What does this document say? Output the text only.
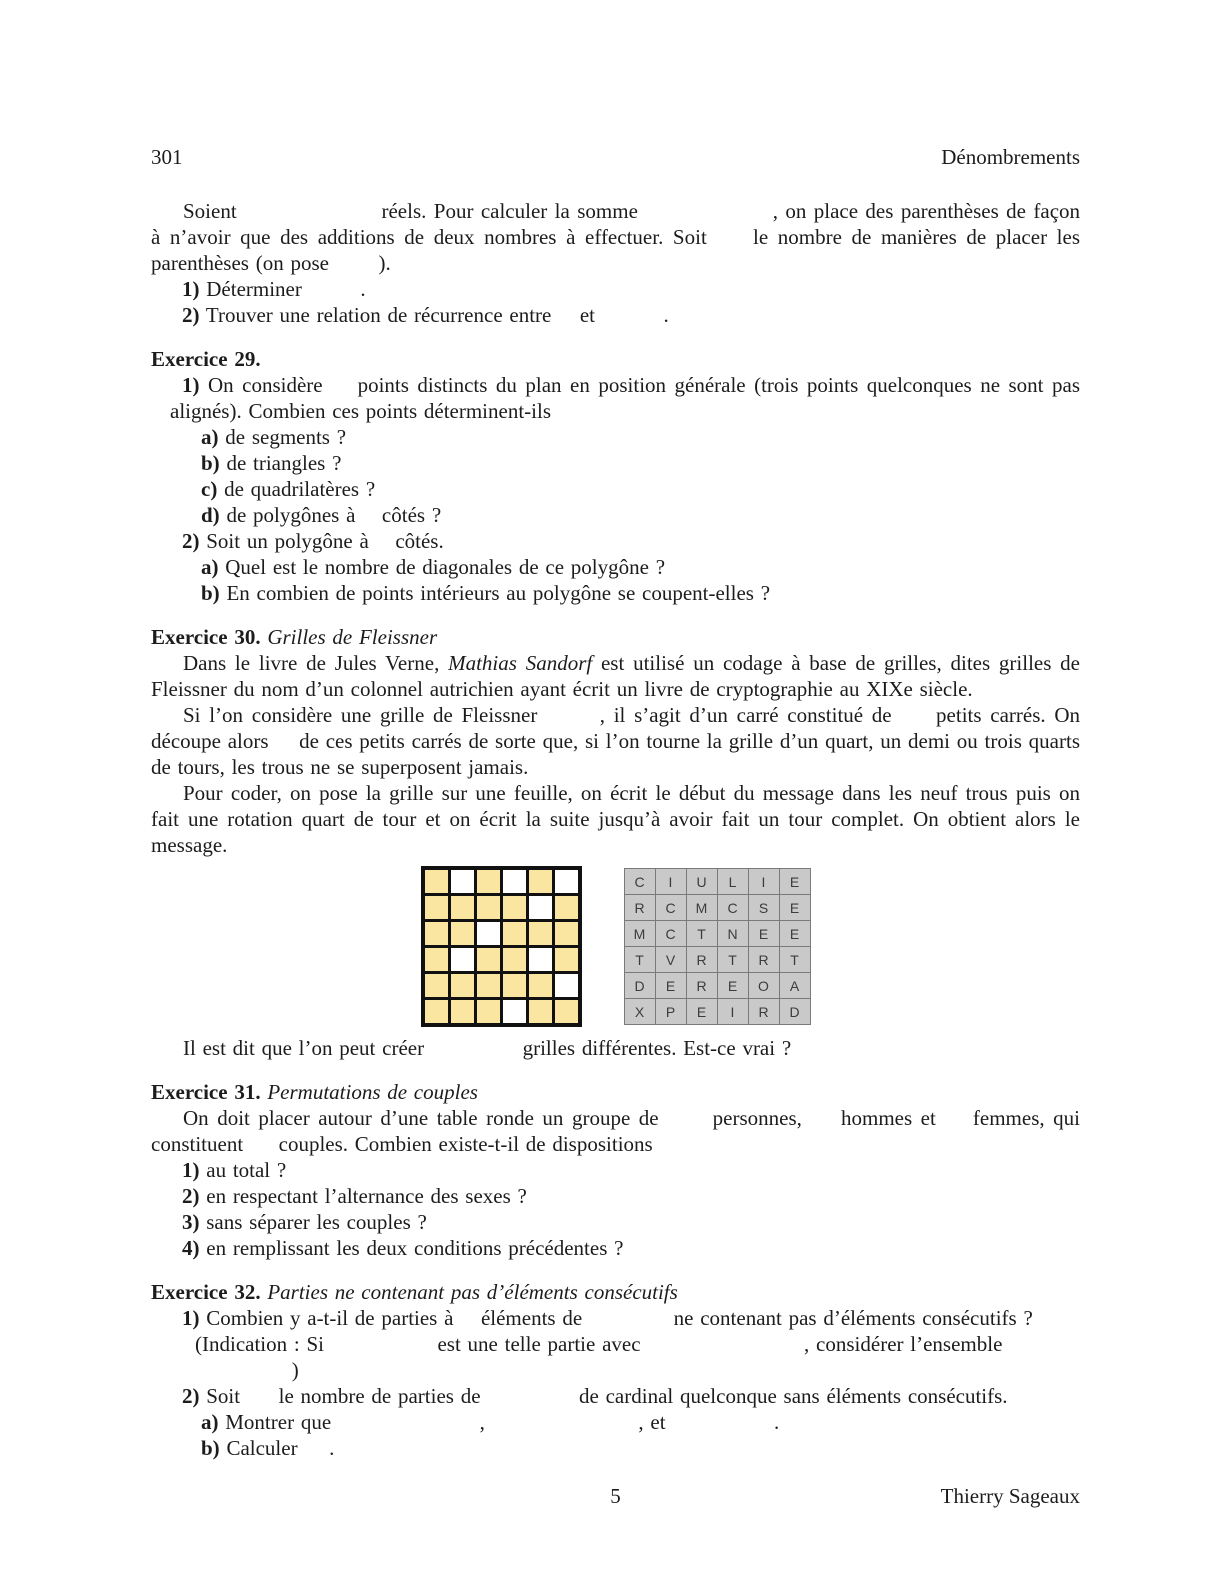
301	Dénombrements
Soient	réels. Pour calculer la somme	, on place des parenthèses de façon à n’avoir que des additions de deux nombres à effectuer. Soit  le nombre de manières de placer les parenthèses (on pose  ).
1) Déterminer  .
2) Trouver une relation de récurrence entre  et	.
Exercice 29.
1) On considère  points distincts du plan en position générale (trois points quelconques ne sont pas alignés). Combien ces points déterminent-ils
a) de segments ?
b) de triangles ?
c) de quadrilatères ?
d) de polygônes à  côtés ?
2) Soit un polygône à  côtés.
a) Quel est le nombre de diagonales de ce polygône ?
b) En combien de points intérieurs au polygône se coupent-elles ?
Exercice 30. Grilles de Fleissner
Dans le livre de Jules Verne, Mathias Sandorf est utilisé un codage à base de grilles, dites grilles de Fleissner du nom d’un colonnel autrichien ayant écrit un livre de cryptographie au XIXe siècle.
Si l’on considère une grille de Fleissner  , il s’agit d’un carré constitué de  petits carrés. On découpe alors  de ces petits carrés de sorte que, si l’on tourne la grille d’un quart, un demi ou trois quarts de tours, les trous ne se superposent jamais.
Pour coder, on pose la grille sur une feuille, on écrit le début du message dans les neuf trous puis on fait une rotation quart de tour et on écrit la suite jusqu’à avoir fait un tour complet. On obtient alors le message.
C	I	U	L	I	E
R	C	M	C	S	E
M	C	T	N	E	E
T	V	R	T	R	T
D	E	R	E	O	A
X	P	E	I	R	D
Il est dit que l’on peut créer	grilles différentes. Est-ce vrai ?
Exercice 31. Permutations de couples
On doit placer autour d’une table ronde un groupe de  personnes,  hommes et  femmes, qui constituent  couples. Combien existe-t-il de dispositions
1) au total ?
2) en respectant l’alternance des sexes ?
3) sans séparer les couples ?
4) en remplissant les deux conditions précédentes ?
Exercice 32. Parties ne contenant pas d’éléments consécutifs
1) Combien y a-t-il de parties à  éléments de	ne contenant pas d’éléments consécutifs ?
(Indication : Si	est une telle partie avec	, considérer l’ensemble
)
2) Soit  le nombre de parties de	de cardinal quelconque sans éléments consécutifs.
a) Montrer que	,	, et	.
b) Calculer  .
5	Thierry Sageaux
